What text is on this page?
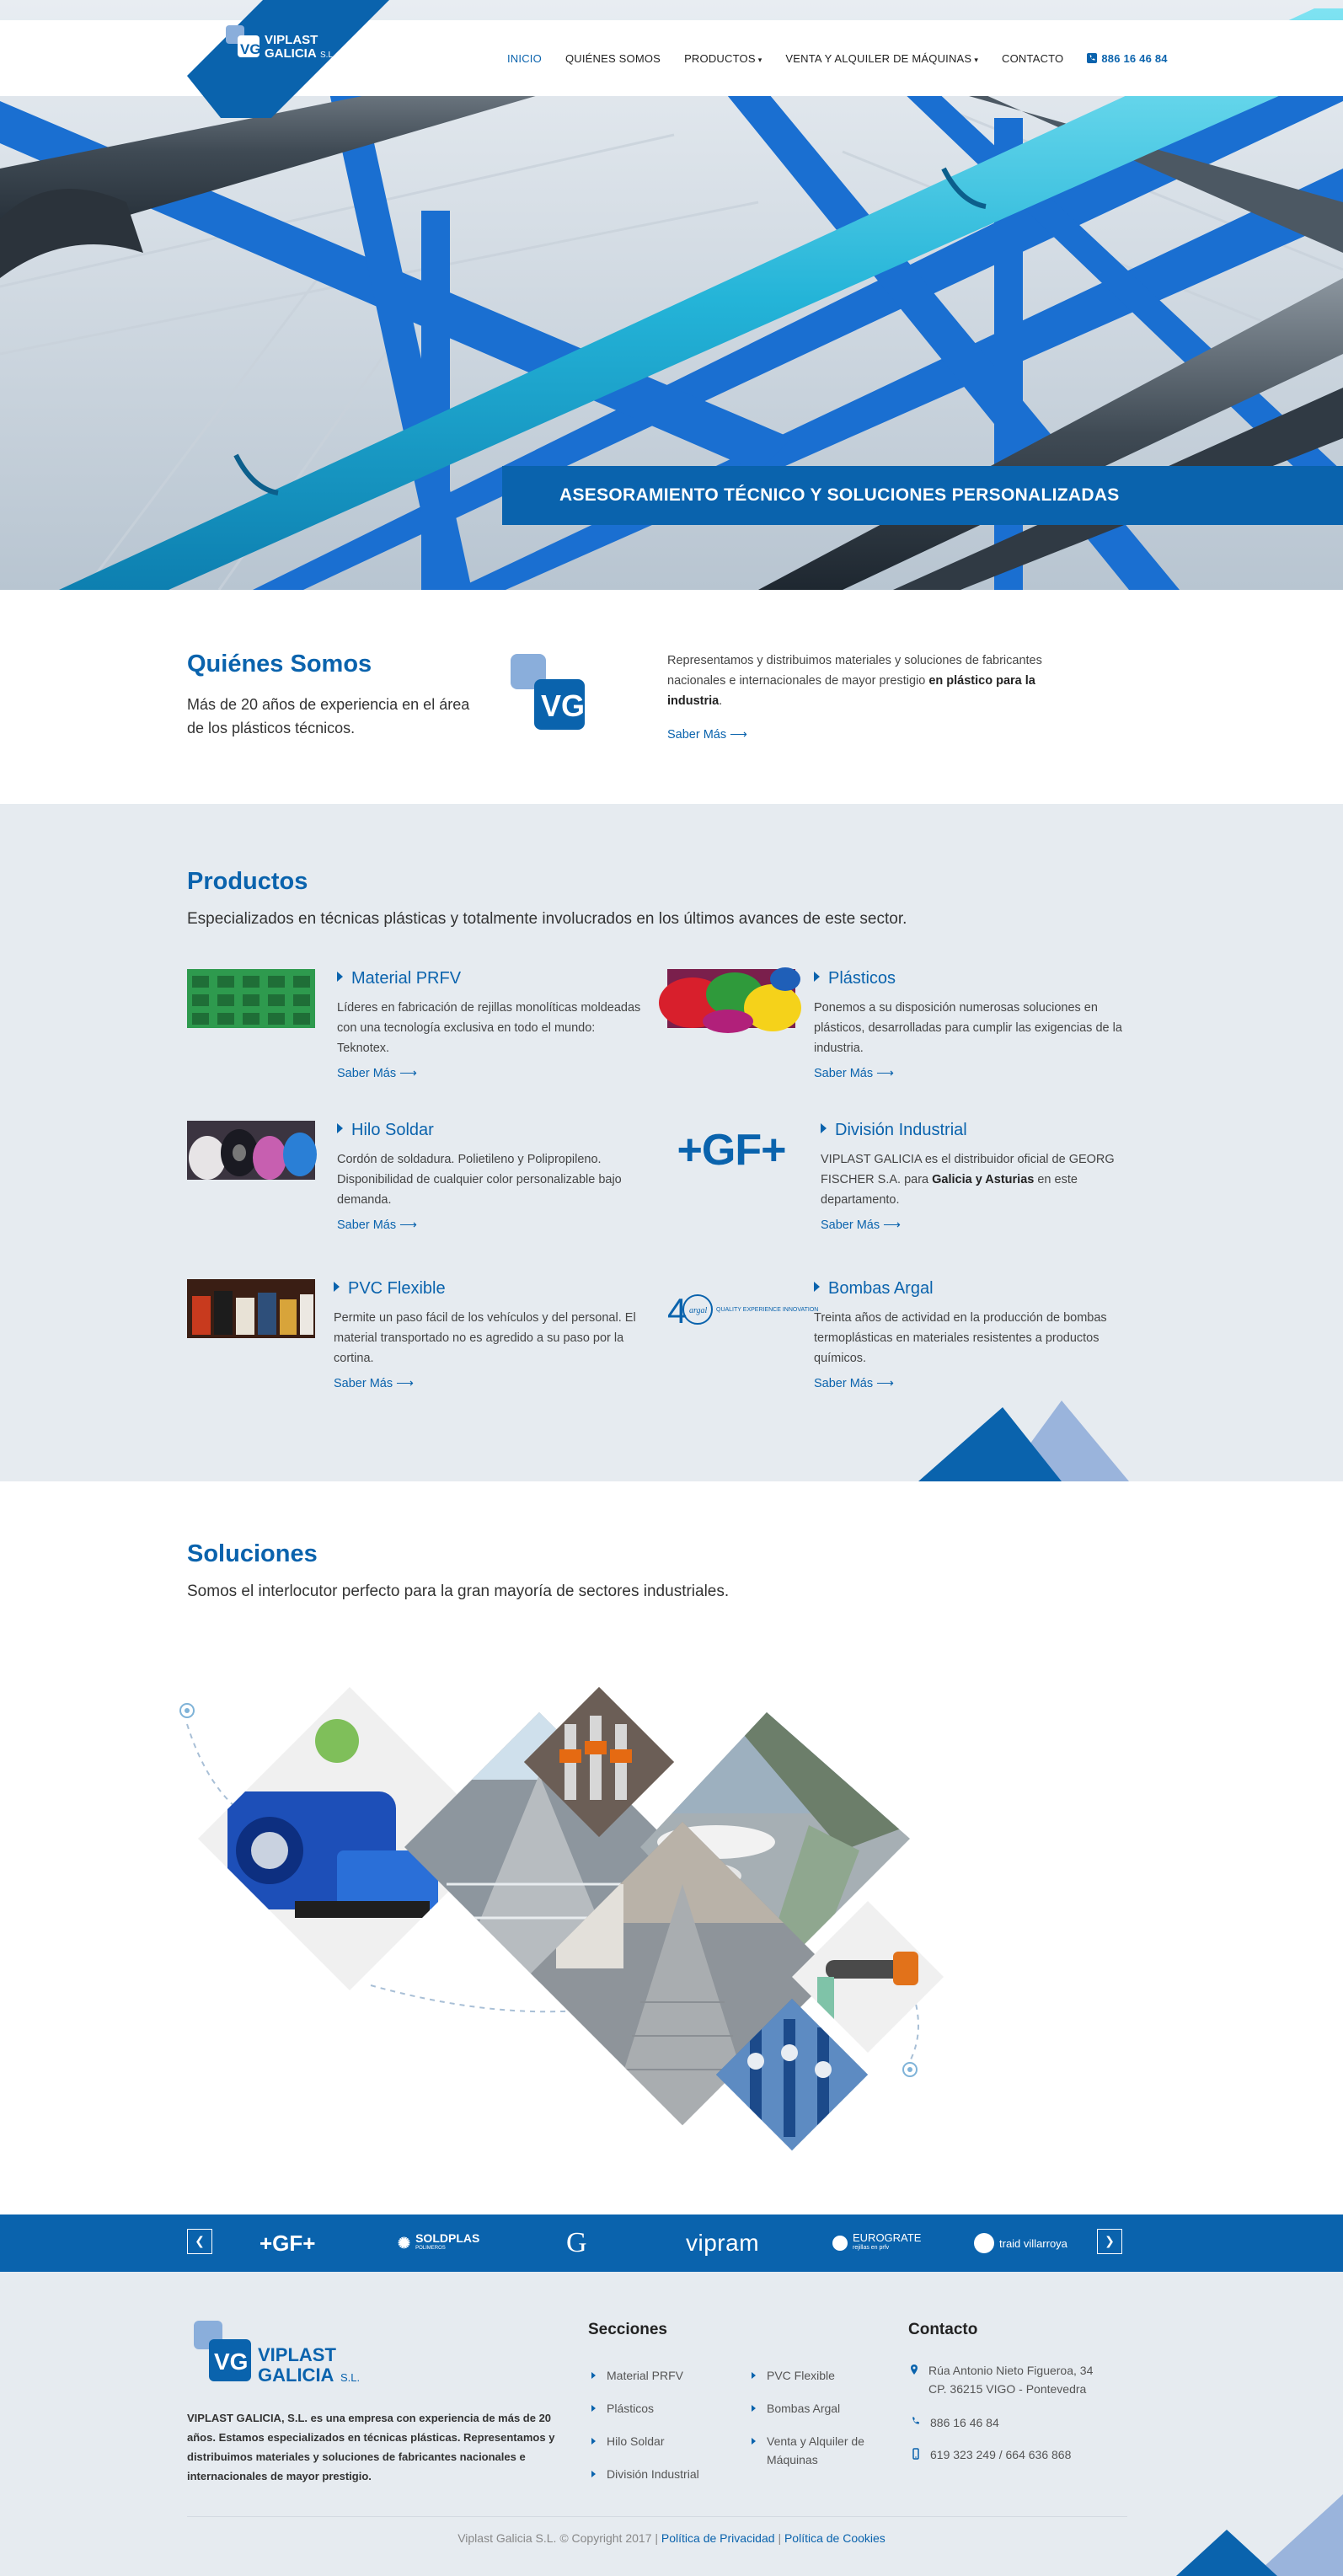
VG
VIPLAST
GALICIA S.L.	INICIO	QUIÉNES SOMOS	PRODUCTOS ▾	VENTA Y ALQUILER DE MÁQUINAS ▾	CONTACTO	886 16 46 84
ASESORAMIENTO TÉCNICO Y SOLUCIONES PERSONALIZADAS
Quiénes Somos

Más de 20 años de experiencia en el área de los plásticos técnicos.

VG

Representamos y distribuimos materiales y soluciones de fabricantes nacionales e internacionales de mayor prestigio en plástico para la industria.

Saber Más ⟶
Productos

Especializados en técnicas plásticas y totalmente involucrados en los últimos avances de este sector.

Material PRFV

Líderes en fabricación de rejillas monolíticas moldeadas con una tecnología exclusiva en todo el mundo: Teknotex.

Saber Más ⟶
Plásticos

Ponemos a su disposición numerosas soluciones en plásticos, desarrolladas para cumplir las exigencias de la industria.

Saber Más ⟶
Hilo Soldar

Cordón de soldadura. Polietileno y Polipropileno. Disponibilidad de cualquier color personalizable bajo demanda.

Saber Más ⟶
+GF+	División Industrial

VIPLAST GALICIA es el distribuidor oficial de GEORG FISCHER S.A. para Galicia y Asturias en este departamento.

Saber Más ⟶
PVC Flexible

Permite un paso fácil de los vehículos y del personal. El material transportado no es agredido a su paso por la cortina.

Saber Más ⟶
4 argal QUALITY EXPERIENCE INNOVATION
Bombas Argal

Treinta años de actividad en la producción de bombas termoplásticas en materiales resistentes a productos químicos.

Saber Más ⟶
Soluciones

Somos el interlocutor perfecto para la gran mayoría de sectores industriales.

❮	+GF+	✺ SOLDPLAS
POLIMEROS	G	vipram	EUROGRATE
rejillas en prfv	traid villarroya	❯
VG VIPLAST
GALICIA S.L.

VIPLAST GALICIA, S.L. es una empresa con experiencia de más de 20 años. Estamos especializados en técnicas plásticas. Representamos y distribuimos materiales y soluciones de fabricantes nacionales e internacionales de mayor prestigio.

Secciones
Material PRFV
Plásticos
Hilo Soldar
División Industrial
PVC Flexible
Bombas Argal
Venta y Alquiler de Máquinas
Contacto
Rúa Antonio Nieto Figueroa, 34
CP. 36215 VIGO - Pontevedra
886 16 46 84
619 323 249 / 664 636 868

Viplast Galicia S.L. © Copyright 2017 | Política de Privacidad | Política de Cookies
